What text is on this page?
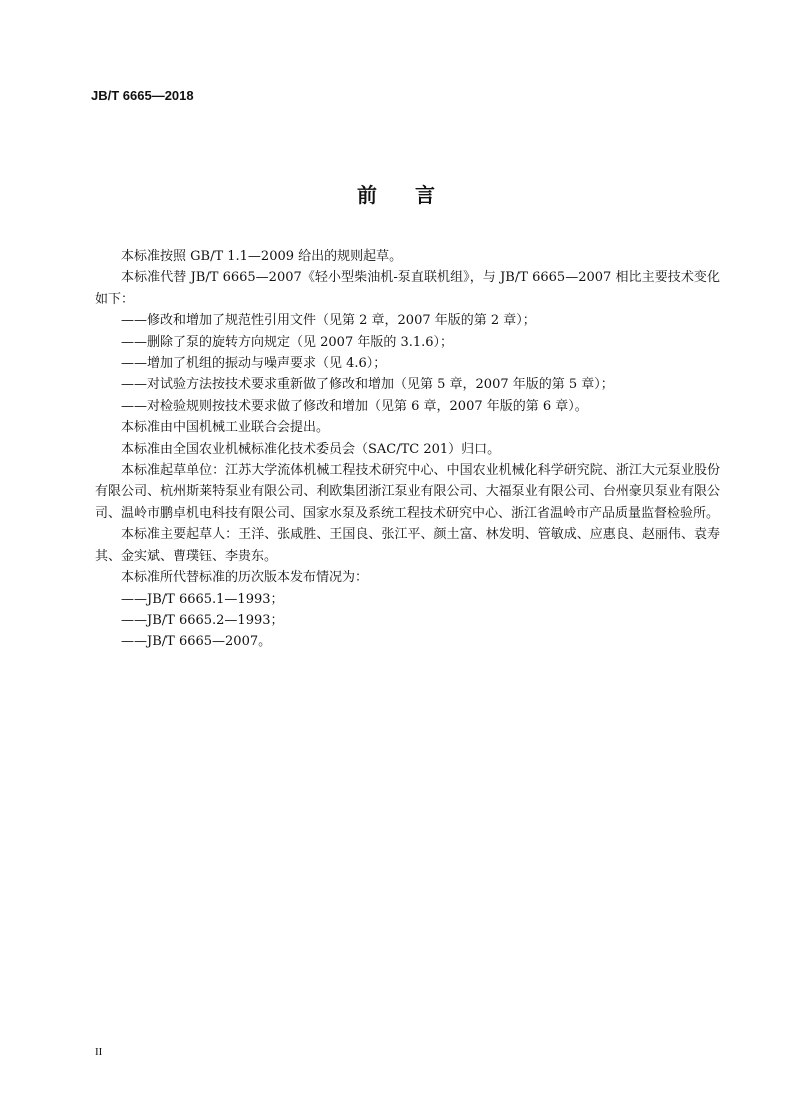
JB/T 6665—2018
前 言

本标准按照 GB/T 1.1—2009 给出的规则起草。

本标准代替 JB/T 6665—2007《轻小型柴油机-泵直联机组》，与 JB/T 6665—2007 相比主要技术变化如下：

——修改和增加了规范性引用文件（见第 2 章，2007 年版的第 2 章）；

——删除了泵的旋转方向规定（见 2007 年版的 3.1.6）；

——增加了机组的振动与噪声要求（见 4.6）；

——对试验方法按技术要求重新做了修改和增加（见第 5 章，2007 年版的第 5 章）；

——对检验规则按技术要求做了修改和增加（见第 6 章，2007 年版的第 6 章）。

本标准由中国机械工业联合会提出。

本标准由全国农业机械标准化技术委员会（SAC/TC 201）归口。

本标准起草单位：江苏大学流体机械工程技术研究中心、中国农业机械化科学研究院、浙江大元泵业股份有限公司、杭州斯莱特泵业有限公司、利欧集团浙江泵业有限公司、大福泵业有限公司、台州豪贝泵业有限公司、温岭市鹏卓机电科技有限公司、国家水泵及系统工程技术研究中心、浙江省温岭市产品质量监督检验所。

本标准主要起草人：王洋、张咸胜、王国良、张江平、颜土富、林发明、管敏成、应惠良、赵丽伟、袁寿其、金实斌、曹璞钰、李贵东。

本标准所代替标准的历次版本发布情况为：

——JB/T 6665.1—1993；

——JB/T 6665.2—1993；

——JB/T 6665—2007。

II
